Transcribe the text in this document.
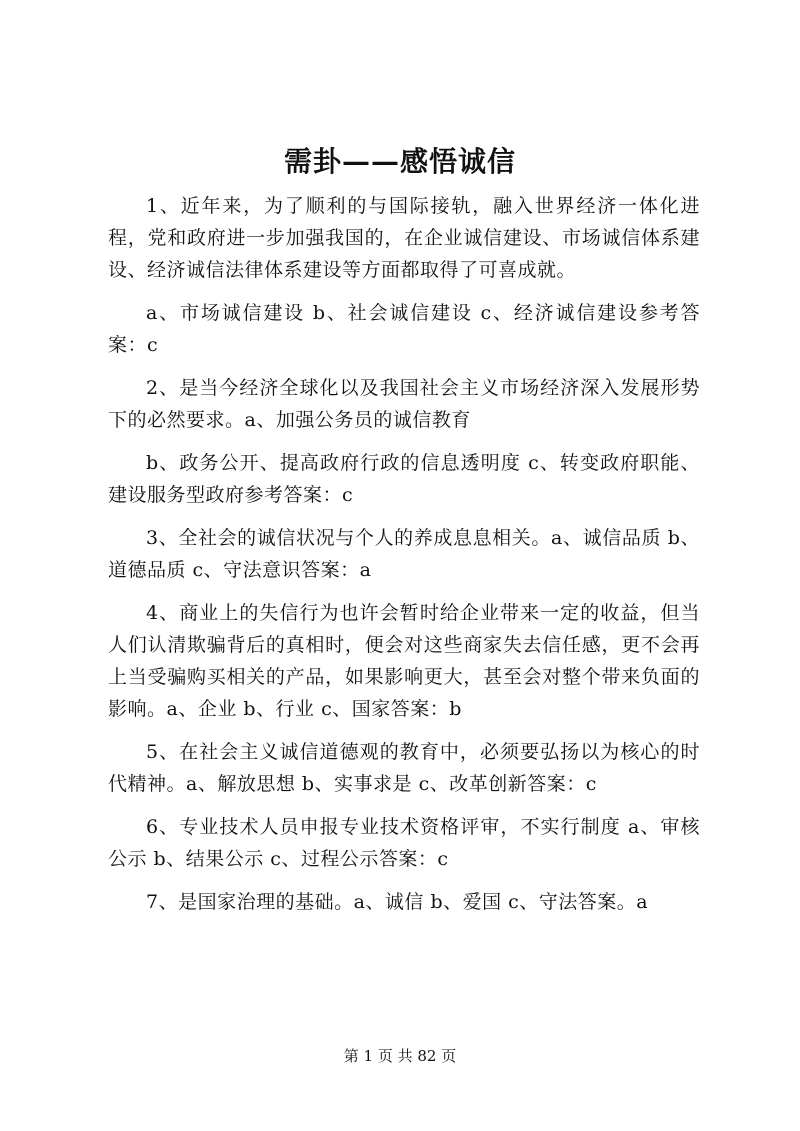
需卦——感悟诚信

1、近年来，为了顺利的与国际接轨，融入世界经济一体化进程，党和政府进一步加强我国的，在企业诚信建设、市场诚信体系建设、经济诚信法律体系建设等方面都取得了可喜成就。

a、市场诚信建设 b、社会诚信建设 c、经济诚信建设参考答案：c

2、是当今经济全球化以及我国社会主义市场经济深入发展形势下的必然要求。a、加强公务员的诚信教育

b、政务公开、提高政府行政的信息透明度 c、转变政府职能、建设服务型政府参考答案：c

3、全社会的诚信状况与个人的养成息息相关。a、诚信品质 b、道德品质 c、守法意识答案：a

4、商业上的失信行为也许会暂时给企业带来一定的收益，但当人们认清欺骗背后的真相时，便会对这些商家失去信任感，更不会再上当受骗购买相关的产品，如果影响更大，甚至会对整个带来负面的影响。a、企业 b、行业 c、国家答案：b

5、在社会主义诚信道德观的教育中，必须要弘扬以为核心的时代精神。a、解放思想 b、实事求是 c、改革创新答案：c

6、专业技术人员申报专业技术资格评审，不实行制度 a、审核公示 b、结果公示 c、过程公示答案：c

7、是国家治理的基础。a、诚信 b、爱国 c、守法答案。a

第 1 页 共 82 页
